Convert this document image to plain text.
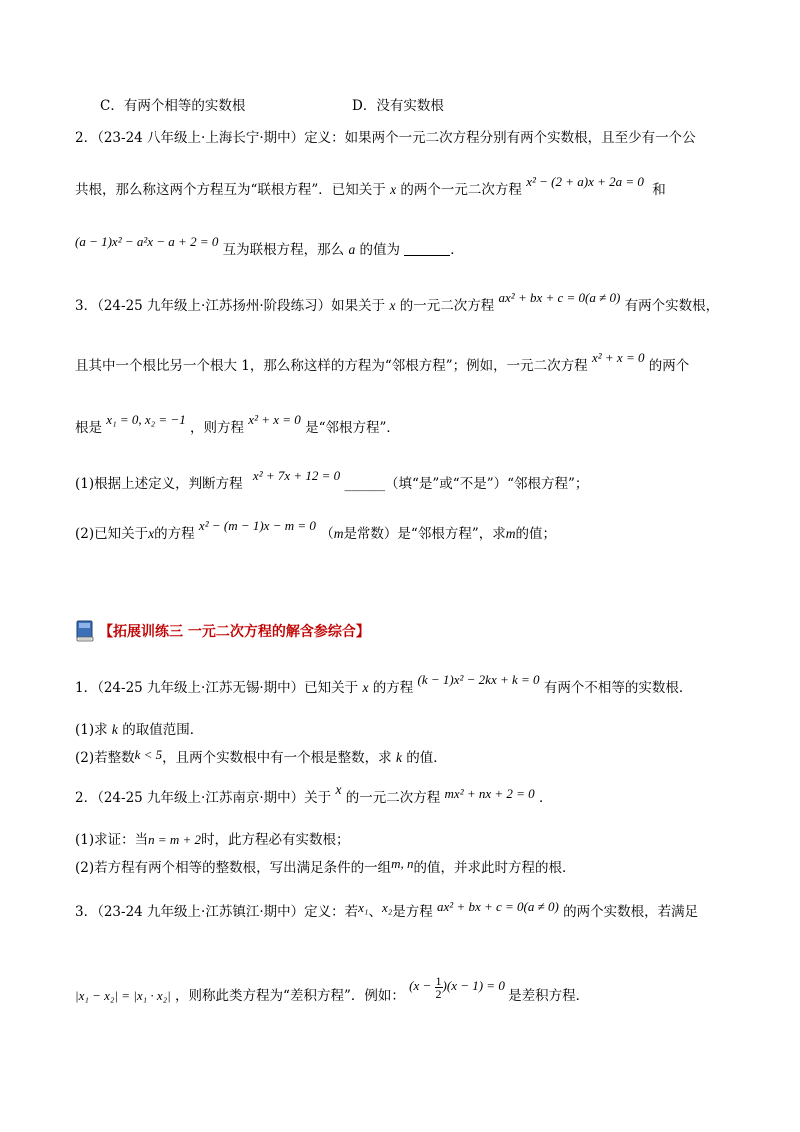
C．有两个相等的实数根	D．没有实数根
2．（23-24 八年级上·上海长宁·期中）定义：如果两个一元二次方程分别有两个实数根，且至少有一个公
共根，那么称这两个方程互为“联根方程”．已知关于 x 的两个一元二次方程 x² − (2 + a)x + 2a = 0 和
(a − 1)x² − a²x − a + 2 = 0 互为联根方程，那么 a 的值为	．
3．（24-25 九年级上·江苏扬州·阶段练习）如果关于 x 的一元二次方程 ax² + bx + c = 0(a ≠ 0) 有两个实数根，
且其中一个根比另一个根大 1，那么称这样的方程为“邻根方程”；例如，一元二次方程 x² + x = 0 的两个
根是 x₁ = 0, x₂ = −1 ，则方程 x² + x = 0 是“邻根方程”．
(1)根据上述定义，判断方程 x² + 7x + 12 = 0 ______（填“是”或“不是”）“邻根方程”；
(2)已知关于x的方程 x² − (m − 1)x − m = 0 （m是常数）是“邻根方程”，求m的值；
【拓展训练三 一元二次方程的解含参综合】
1．（24-25 九年级上·江苏无锡·期中）已知关于 x 的方程 (k − 1)x² − 2kx + k = 0 有两个不相等的实数根．
(1)求 k 的取值范围．
(2)若整数k < 5，且两个实数根中有一个根是整数，求 k 的值．
2．（24-25 九年级上·江苏南京·期中）关于 x 的一元二次方程 mx² + nx + 2 = 0 ．
(1)求证：当n = m + 2时，此方程必有实数根；
(2)若方程有两个相等的整数根，写出满足条件的一组m, n的值，并求此时方程的根．
3．（23-24 九年级上·江苏镇江·期中）定义：若x₁、x₂是方程 ax² + bx + c = 0(a ≠ 0) 的两个实数根，若满足
|x₁ − x₂| = |x₁ · x₂| ，则称此类方程为“差积方程”．例如： $(x - \frac{1}{2} )(x - 1) = 0$ 是差积方程．
